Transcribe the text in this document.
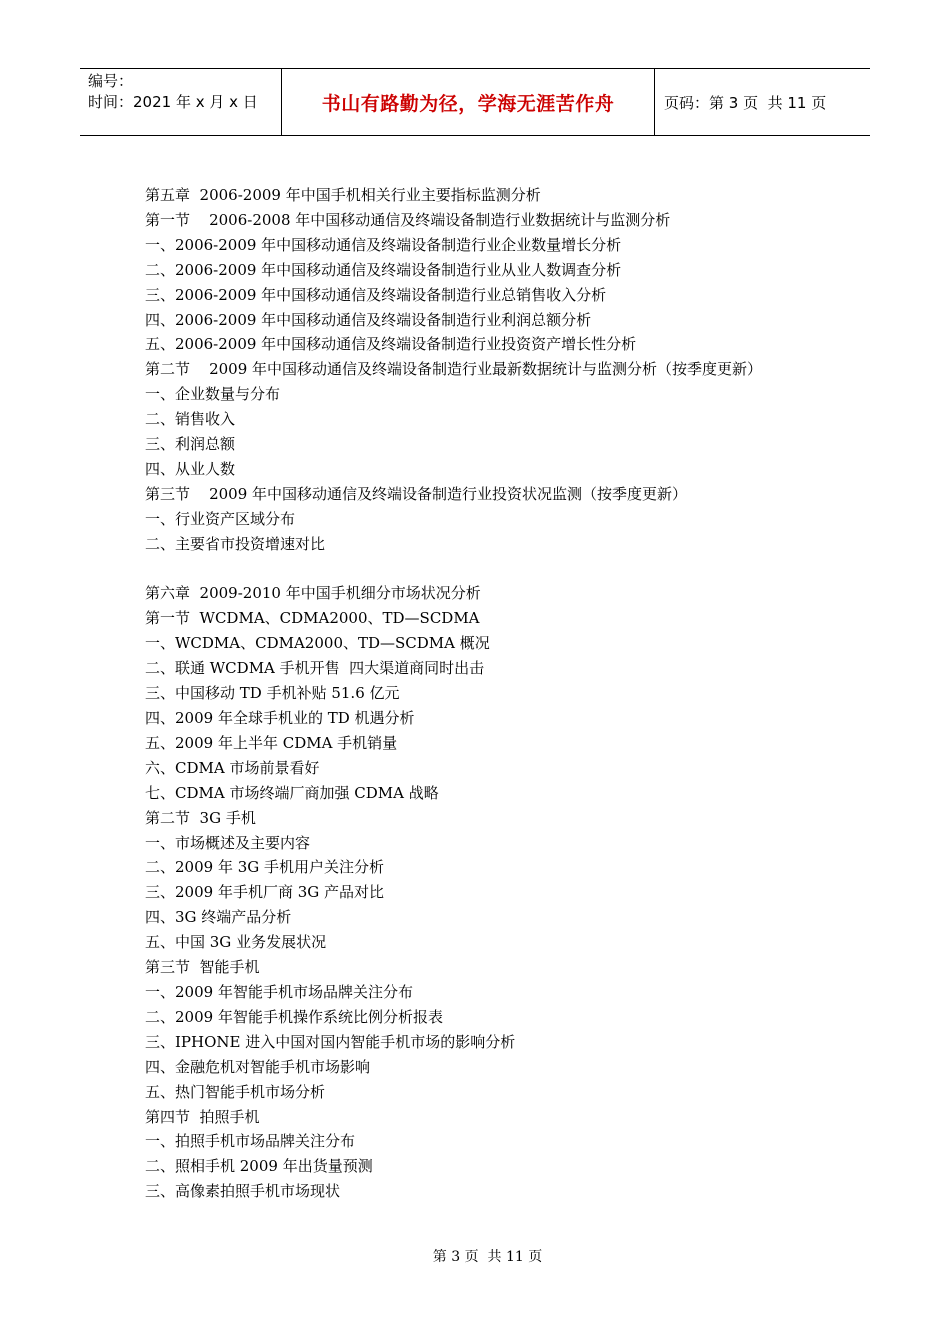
编号：
时间：2021 年 x 月 x 日	书山有路勤为径，学海无涯苦作舟	页码：第 3 页  共 11 页
第五章  2006-2009 年中国手机相关行业主要指标监测分析
第一节    2006-2008 年中国移动通信及终端设备制造行业数据统计与监测分析
一、2006-2009 年中国移动通信及终端设备制造行业企业数量增长分析
二、2006-2009 年中国移动通信及终端设备制造行业从业人数调查分析
三、2006-2009 年中国移动通信及终端设备制造行业总销售收入分析
四、2006-2009 年中国移动通信及终端设备制造行业利润总额分析
五、2006-2009 年中国移动通信及终端设备制造行业投资资产增长性分析
第二节    2009 年中国移动通信及终端设备制造行业最新数据统计与监测分析（按季度更新）
一、企业数量与分布
二、销售收入
三、利润总额
四、从业人数
第三节    2009 年中国移动通信及终端设备制造行业投资状况监测（按季度更新）
一、行业资产区域分布
二、主要省市投资增速对比
第六章  2009-2010 年中国手机细分市场状况分析
第一节  WCDMA、CDMA2000、TD—SCDMA
一、WCDMA、CDMA2000、TD—SCDMA 概况
二、联通 WCDMA 手机开售  四大渠道商同时出击
三、中国移动 TD 手机补贴 51.6 亿元
四、2009 年全球手机业的 TD 机遇分析
五、2009 年上半年 CDMA 手机销量
六、CDMA 市场前景看好
七、CDMA 市场终端厂商加强 CDMA 战略
第二节  3G 手机
一、市场概述及主要内容
二、2009 年 3G 手机用户关注分析
三、2009 年手机厂商 3G 产品对比
四、3G 终端产品分析
五、中国 3G 业务发展状况
第三节  智能手机
一、2009 年智能手机市场品牌关注分布
二、2009 年智能手机操作系统比例分析报表
三、IPHONE 进入中国对国内智能手机市场的影响分析
四、金融危机对智能手机市场影响
五、热门智能手机市场分析
第四节  拍照手机
一、拍照手机市场品牌关注分布
二、照相手机 2009 年出货量预测
三、高像素拍照手机市场现状
第 3 页  共 11 页
